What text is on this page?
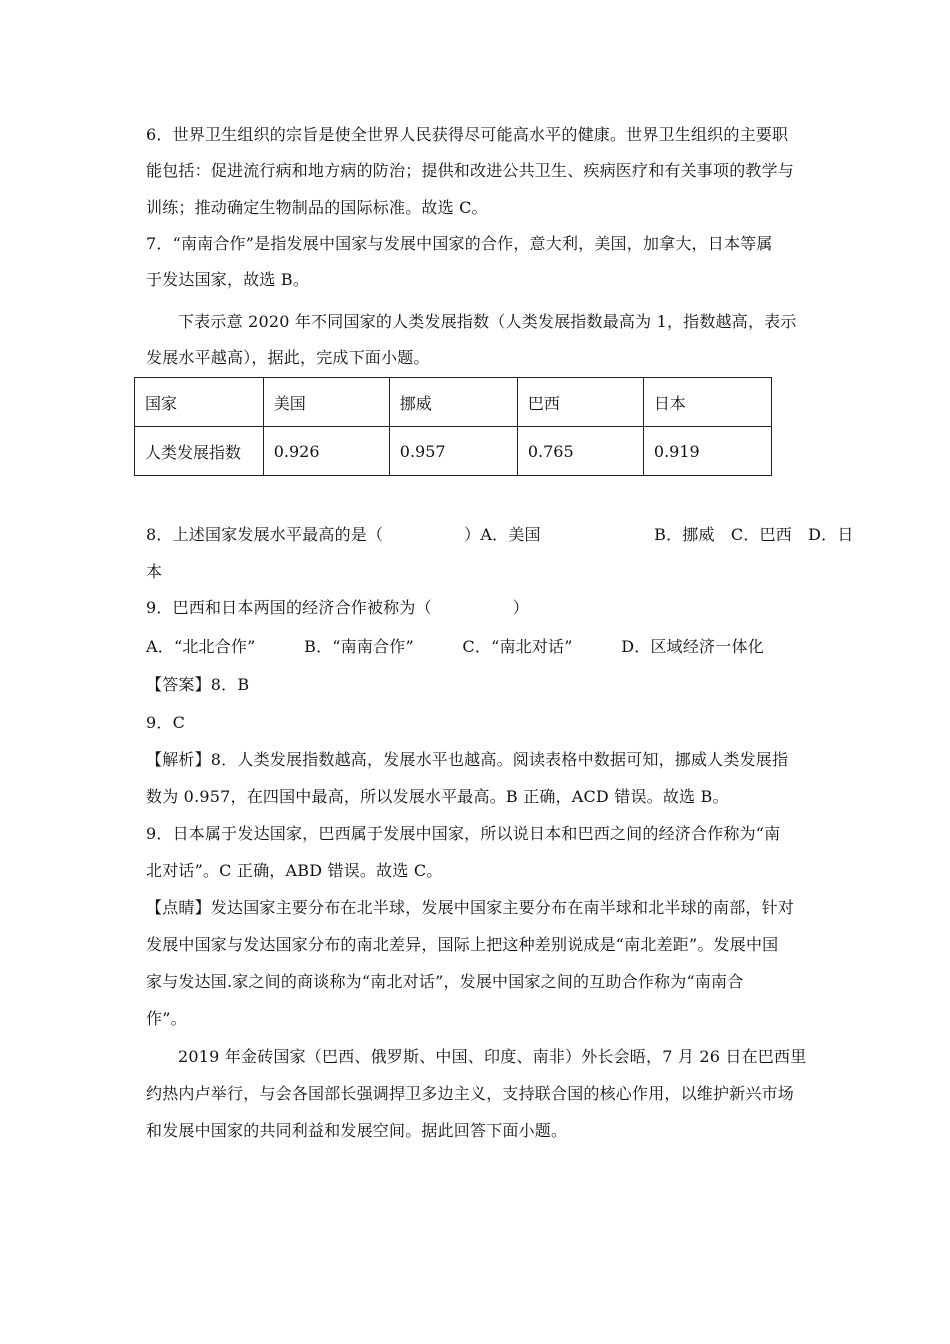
6．世界卫生组织的宗旨是使全世界人民获得尽可能高水平的健康。世界卫生组织的主要职
能包括：促进流行病和地方病的防治；提供和改进公共卫生、疾病医疗和有关事项的教学与
训练；推动确定生物制品的国际标准。故选 C。
7．“南南合作”是指发展中国家与发展中国家的合作，意大利，美国，加拿大，日本等属
于发达国家，故选 B。
下表示意 2020 年不同国家的人类发展指数（人类发展指数最高为 1，指数越高，表示
发展水平越高），据此，完成下面小题。
国家	美国	挪威	巴西	日本
人类发展指数	0.926	0.957	0.765	0.919
8．上述国家发展水平最高的是（　　　　　）A．美国　　　　　　　B．挪威　C．巴西　D．日
本
9．巴西和日本两国的经济合作被称为（　　　　　）
A．“北北合作”　　　B．“南南合作”　　　C．“南北对话”　　　D．区域经济一体化
【答案】8．B
9．C
【解析】8．人类发展指数越高，发展水平也越高。阅读表格中数据可知，挪威人类发展指
数为 0.957，在四国中最高，所以发展水平最高。B 正确，ACD 错误。故选 B。
9．日本属于发达国家，巴西属于发展中国家，所以说日本和巴西之间的经济合作称为“南
北对话”。C 正确，ABD 错误。故选 C。
【点睛】发达国家主要分布在北半球，发展中国家主要分布在南半球和北半球的南部，针对
发展中国家与发达国家分布的南北差异，国际上把这种差别说成是“南北差距”。发展中国
家与发达国.家之间的商谈称为“南北对话”，发展中国家之间的互助合作称为“南南合
作”。
2019 年金砖国家（巴西、俄罗斯、中国、印度、南非）外长会晤，7 月 26 日在巴西里
约热内卢举行，与会各国部长强调捍卫多边主义，支持联合国的核心作用，以维护新兴市场
和发展中国家的共同利益和发展空间。据此回答下面小题。
